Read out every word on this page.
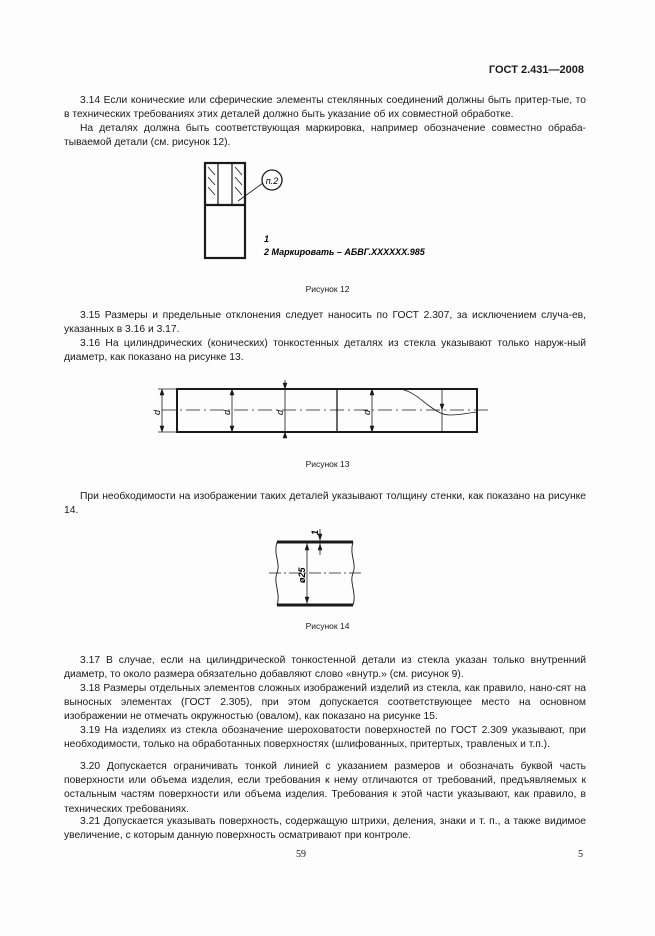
ГОСТ 2.431—2008

3.14 Если конические или сферические элементы стеклянных соединений должны быть притер-тые, то в технических требованиях этих деталей должно быть указание об их совместной обработке.

На деталях должна быть соответствующая маркировка, например обозначение совместно обраба-тываемой детали (см. рисунок 12).

п.2
1
2 Маркировать – АБВГ.ХХХХХХ.985
Рисунок 12

3.15 Размеры и предельные отклонения следует наносить по ГОСТ 2.307, за исключением случа-ев, указанных в 3.16 и 3.17.

3.16 На цилиндрических (конических) тонкостенных деталях из стекла указывают только наруж-ный диаметр, как показано на рисунке 13.

d	d	d	d
Рисунок 13

При необходимости на изображении таких деталей указывают толщину стенки, как показано на рисунке 14.

1
ø25
Рисунок 14

3.17 В случае, если на цилиндрической тонкостенной детали из стекла указан только внутренний диаметр, то около размера обязательно добавляют слово «внутр.» (см. рисунок 9).

3.18 Размеры отдельных элементов сложных изображений изделий из стекла, как правило, нано-сят на выносных элементах (ГОСТ 2.305), при этом допускается соответствующее место на основном изображении не отмечать окружностью (овалом), как показано на рисунке 15.

3.19 На изделиях из стекла обозначение шероховатости поверхностей по ГОСТ 2.309 указывают, при необходимости, только на обработанных поверхностях (шлифованных, притертых, травленых и т.п.).

3.20 Допускается ограничивать тонкой линией с указанием размеров и обозначать буквой часть поверхности или объема изделия, если требования к нему отличаются от требований, предъявляемых к остальным частям поверхности или объема изделия. Требования к этой части указывают, как правило, в технических требованиях.

3.21 Допускается указывать поверхность, содержащую штрихи, деления, знаки и т. п., а также видимое увеличение, с которым данную поверхность осматривают при контроле.

59	5
